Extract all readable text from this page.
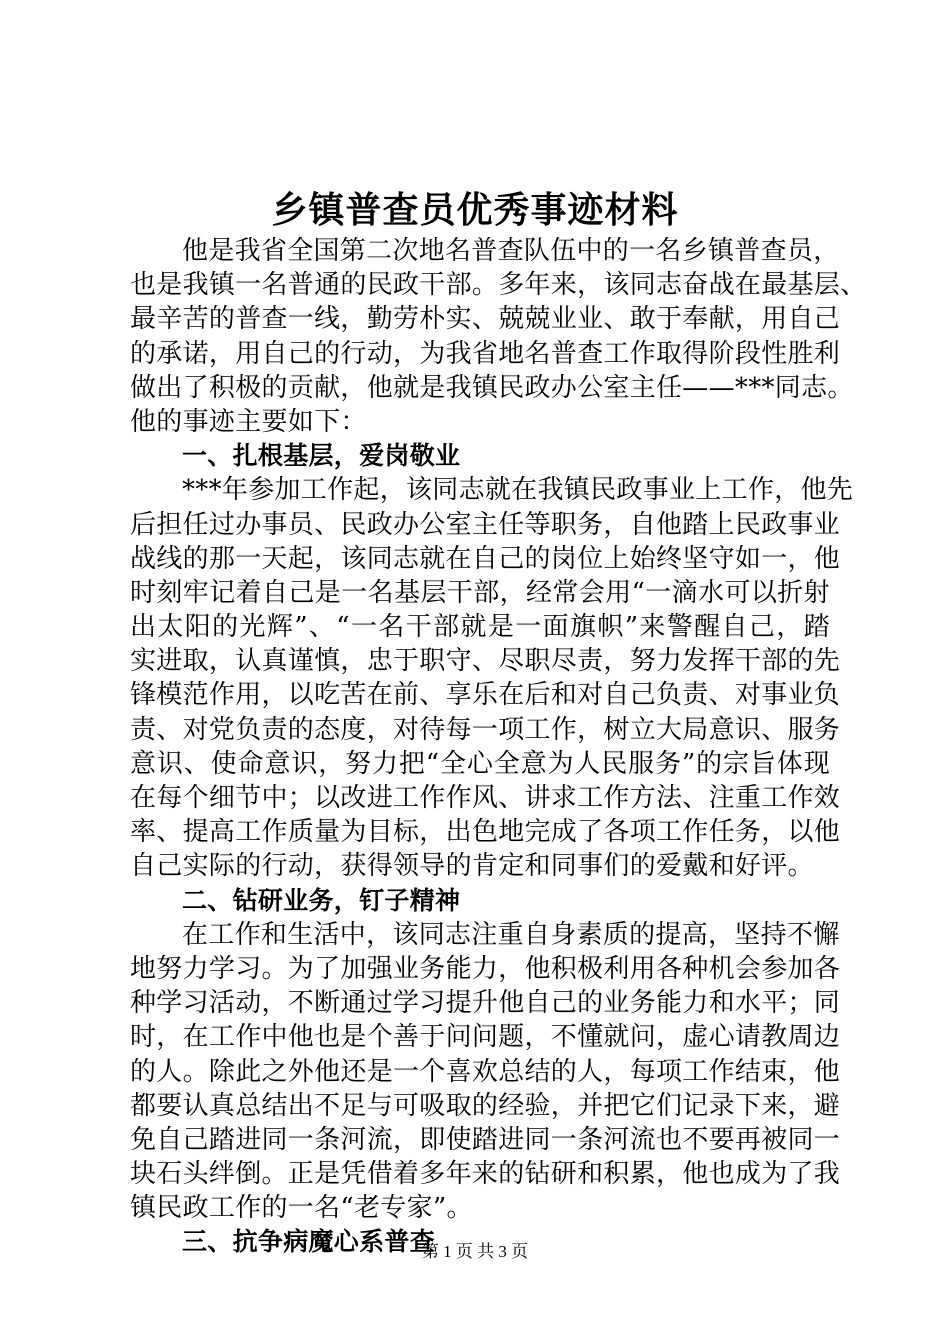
乡镇普查员优秀事迹材料
他是我省全国第二次地名普查队伍中的一名乡镇普查员，
也是我镇一名普通的民政干部。多年来，该同志奋战在最基层、
最辛苦的普查一线，勤劳朴实、兢兢业业、敢于奉献，用自己
的承诺，用自己的行动，为我省地名普查工作取得阶段性胜利
做出了积极的贡献，他就是我镇民政办公室主任——***同志。
他的事迹主要如下：
一、扎根基层，爱岗敬业
***年参加工作起，该同志就在我镇民政事业上工作，他先
后担任过办事员、民政办公室主任等职务，自他踏上民政事业
战线的那一天起，该同志就在自己的岗位上始终坚守如一，他
时刻牢记着自己是一名基层干部，经常会用“一滴水可以折射
出太阳的光辉”、“一名干部就是一面旗帜”来警醒自己，踏
实进取，认真谨慎，忠于职守、尽职尽责，努力发挥干部的先
锋模范作用，以吃苦在前、享乐在后和对自己负责、对事业负
责、对党负责的态度，对待每一项工作，树立大局意识、服务
意识、使命意识，努力把“全心全意为人民服务”的宗旨体现
在每个细节中；以改进工作作风、讲求工作方法、注重工作效
率、提高工作质量为目标，出色地完成了各项工作任务，以他
自己实际的行动，获得领导的肯定和同事们的爱戴和好评。
二、钻研业务，钉子精神
在工作和生活中，该同志注重自身素质的提高，坚持不懈
地努力学习。为了加强业务能力，他积极利用各种机会参加各
种学习活动，不断通过学习提升他自己的业务能力和水平；同
时，在工作中他也是个善于问问题，不懂就问，虚心请教周边
的人。除此之外他还是一个喜欢总结的人，每项工作结束，他
都要认真总结出不足与可吸取的经验，并把它们记录下来，避
免自己踏进同一条河流，即使踏进同一条河流也不要再被同一
块石头绊倒。正是凭借着多年来的钻研和积累，他也成为了我
镇民政工作的一名“老专家”。
三、抗争病魔心系普查
第 1 页 共 3 页
